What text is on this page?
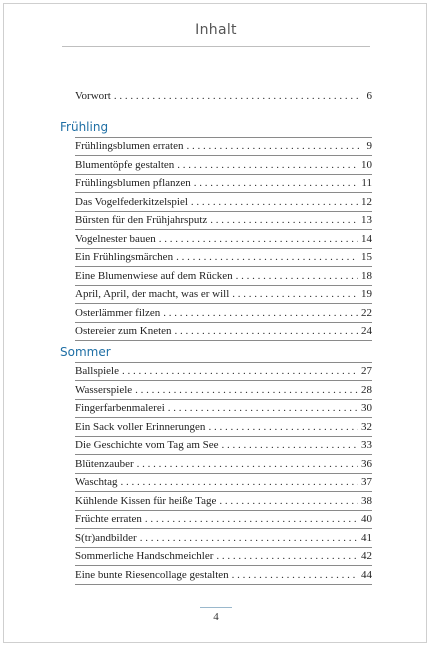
Inhalt
Vorwort . . .	6
Frühling
Frühlingsblumen erraten . . .	9
Blumentöpfe gestalten . . .	10
Frühlingsblumen pflanzen . . .	11
Das Vogelfederkitzelspiel . . .	12
Bürsten für den Frühjahrsputz . . .	13
Vogelnester bauen . . .	14
Ein Frühlingsmärchen . . .	15
Eine Blumenwiese auf dem Rücken . . .	18
April, April, der macht, was er will . . .	19
Osterlämmer filzen . . .	22
Ostereier zum Kneten . . .	24
Sommer
Ballspiele . . .	27
Wasserspiele . . .	28
Fingerfarbenmalerei . . .	30
Ein Sack voller Erinnerungen . . .	32
Die Geschichte vom Tag am See . . .	33
Blütenzauber . . .	36
Waschtag . . .	37
Kühlende Kissen für heiße Tage . . .	38
Früchte erraten . . .	40
S(tr)andbilder . . .	41
Sommerliche Handschmeichler . . .	42
Eine bunte Riesencollage gestalten . . .	44
4
